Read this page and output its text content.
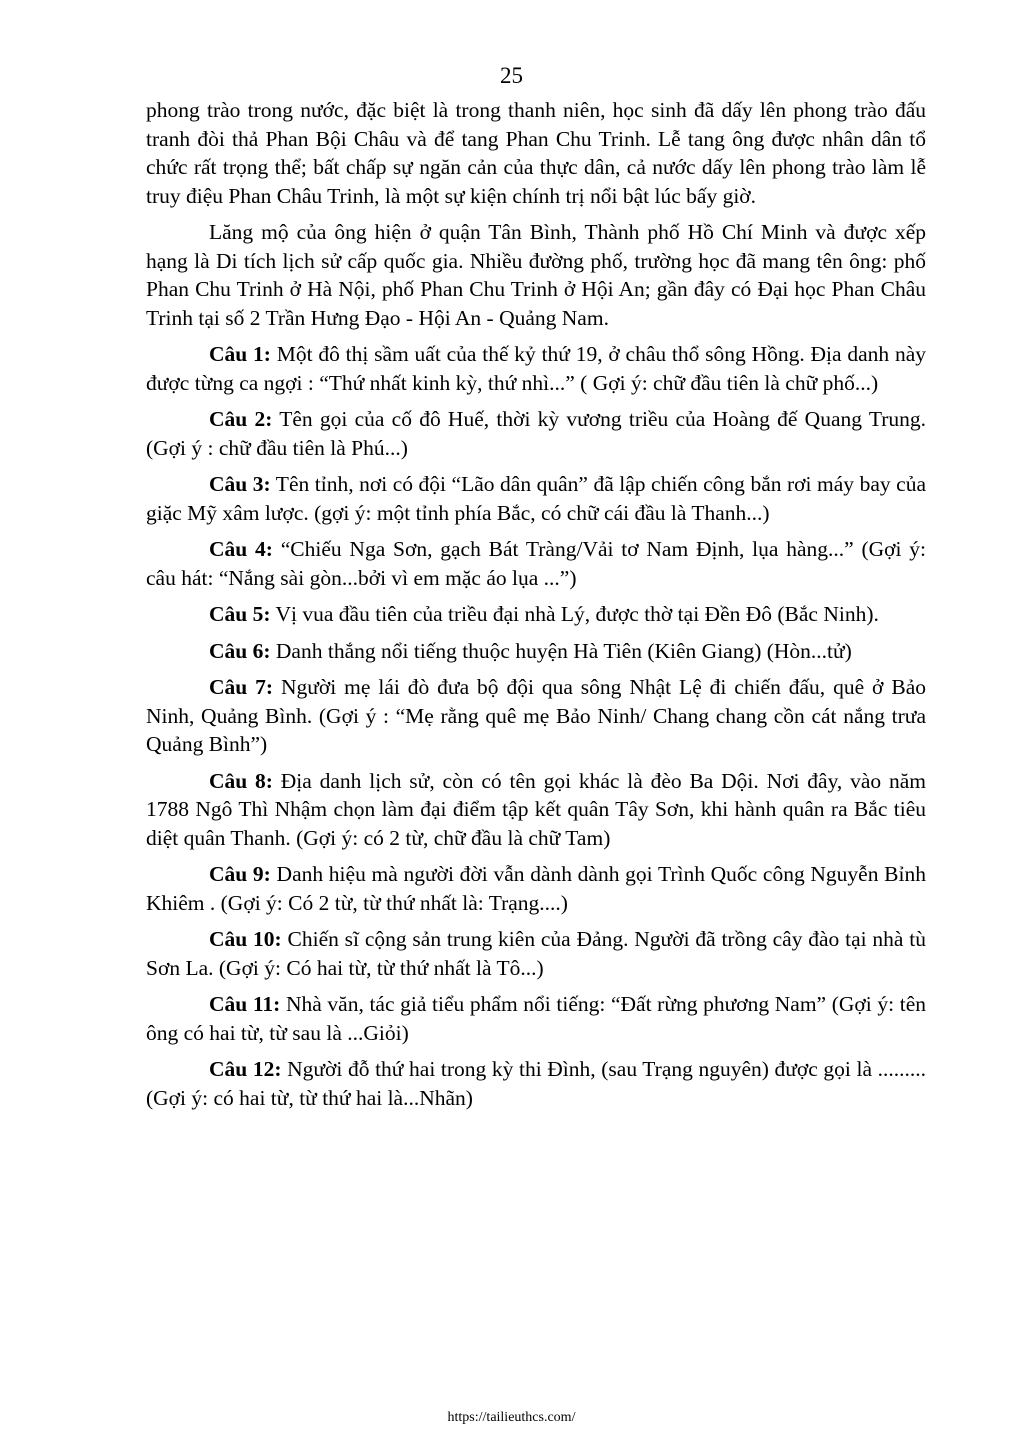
25

phong trào trong nước, đặc biệt là trong thanh niên, học sinh đã dấy lên phong trào đấu tranh đòi thả Phan Bội Châu và để tang Phan Chu Trinh. Lễ tang ông được nhân dân tổ chức rất trọng thể; bất chấp sự ngăn cản của thực dân, cả nước dấy lên phong trào làm lễ truy điệu Phan Châu Trinh, là một sự kiện chính trị nổi bật lúc bấy giờ.

Lăng mộ của ông hiện ở quận Tân Bình, Thành phố Hồ Chí Minh và được xếp hạng là Di tích lịch sử cấp quốc gia. Nhiều đường phố, trường học đã mang tên ông: phố Phan Chu Trinh ở Hà Nội, phố Phan Chu Trinh ở Hội An; gần đây có Đại học Phan Châu Trinh tại số 2 Trần Hưng Đạo - Hội An - Quảng Nam.

Câu 1: Một đô thị sầm uất của thế kỷ thứ 19, ở châu thổ sông Hồng. Địa danh này được từng ca ngợi : “Thứ nhất kinh kỳ, thứ nhì...” ( Gợi ý: chữ đầu tiên là chữ phố...)

Câu 2: Tên gọi của cố đô Huế, thời kỳ vương triều của Hoàng đế Quang Trung. (Gợi ý : chữ đầu tiên là Phú...)

Câu 3: Tên tỉnh, nơi có đội “Lão dân quân” đã lập chiến công bắn rơi máy bay của giặc Mỹ xâm lược. (gợi ý: một tỉnh phía Bắc, có chữ cái đầu là Thanh...)

Câu 4: “Chiếu Nga Sơn, gạch Bát Tràng/Vải tơ Nam Định, lụa hàng...” (Gợi ý: câu hát: “Nắng sài gòn...bởi vì em mặc áo lụa ...”)

Câu 5: Vị vua đầu tiên của triều đại nhà Lý, được thờ tại Đền Đô (Bắc Ninh).

Câu 6: Danh thắng nổi tiếng thuộc huyện Hà Tiên (Kiên Giang) (Hòn...tử)

Câu 7: Người mẹ lái đò đưa bộ đội qua sông Nhật Lệ đi chiến đấu, quê ở Bảo Ninh, Quảng Bình. (Gợi ý : “Mẹ rằng quê mẹ Bảo Ninh/ Chang chang cồn cát nắng trưa Quảng Bình”)

Câu 8: Địa danh lịch sử, còn có tên gọi khác là đèo Ba Dội. Nơi đây, vào năm 1788 Ngô Thì Nhậm chọn làm đại điểm tập kết quân Tây Sơn, khi hành quân ra Bắc tiêu diệt quân Thanh. (Gợi ý: có 2 từ, chữ đầu là chữ Tam)

Câu 9: Danh hiệu mà người đời vẫn dành dành gọi Trình Quốc công Nguyễn Bỉnh Khiêm . (Gợi ý: Có 2 từ, từ thứ nhất là: Trạng....)

Câu 10: Chiến sĩ cộng sản trung kiên của Đảng. Người đã trồng cây đào tại nhà tù Sơn La. (Gợi ý: Có hai từ, từ thứ nhất là Tô...)

Câu 11: Nhà văn, tác giả tiểu phẩm nổi tiếng: “Đất rừng phương Nam” (Gợi ý: tên ông có hai từ, từ sau là ...Giỏi)

Câu 12: Người đỗ thứ hai trong kỳ thi Đình, (sau Trạng nguyên) được gọi là ......... (Gợi ý: có hai từ, từ thứ hai là...Nhãn)

https://tailieuthcs.com/
